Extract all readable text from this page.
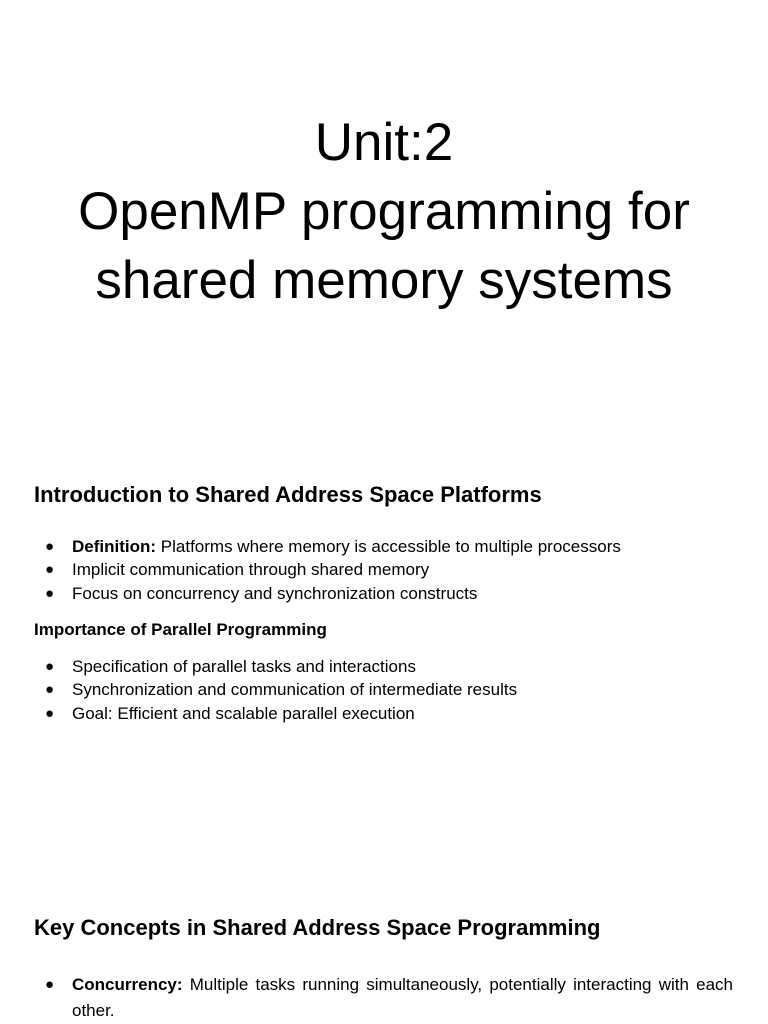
Unit:2
OpenMP programming for
shared memory systems
Introduction to Shared Address Space Platforms
● Definition: Platforms where memory is accessible to multiple processors
● Implicit communication through shared memory
● Focus on concurrency and synchronization constructs
Importance of Parallel Programming
● Specification of parallel tasks and interactions
● Synchronization and communication of intermediate results
● Goal: Efficient and scalable parallel execution
Key Concepts in Shared Address Space Programming
● Concurrency: Multiple tasks running simultaneously, potentially interacting with each other.
